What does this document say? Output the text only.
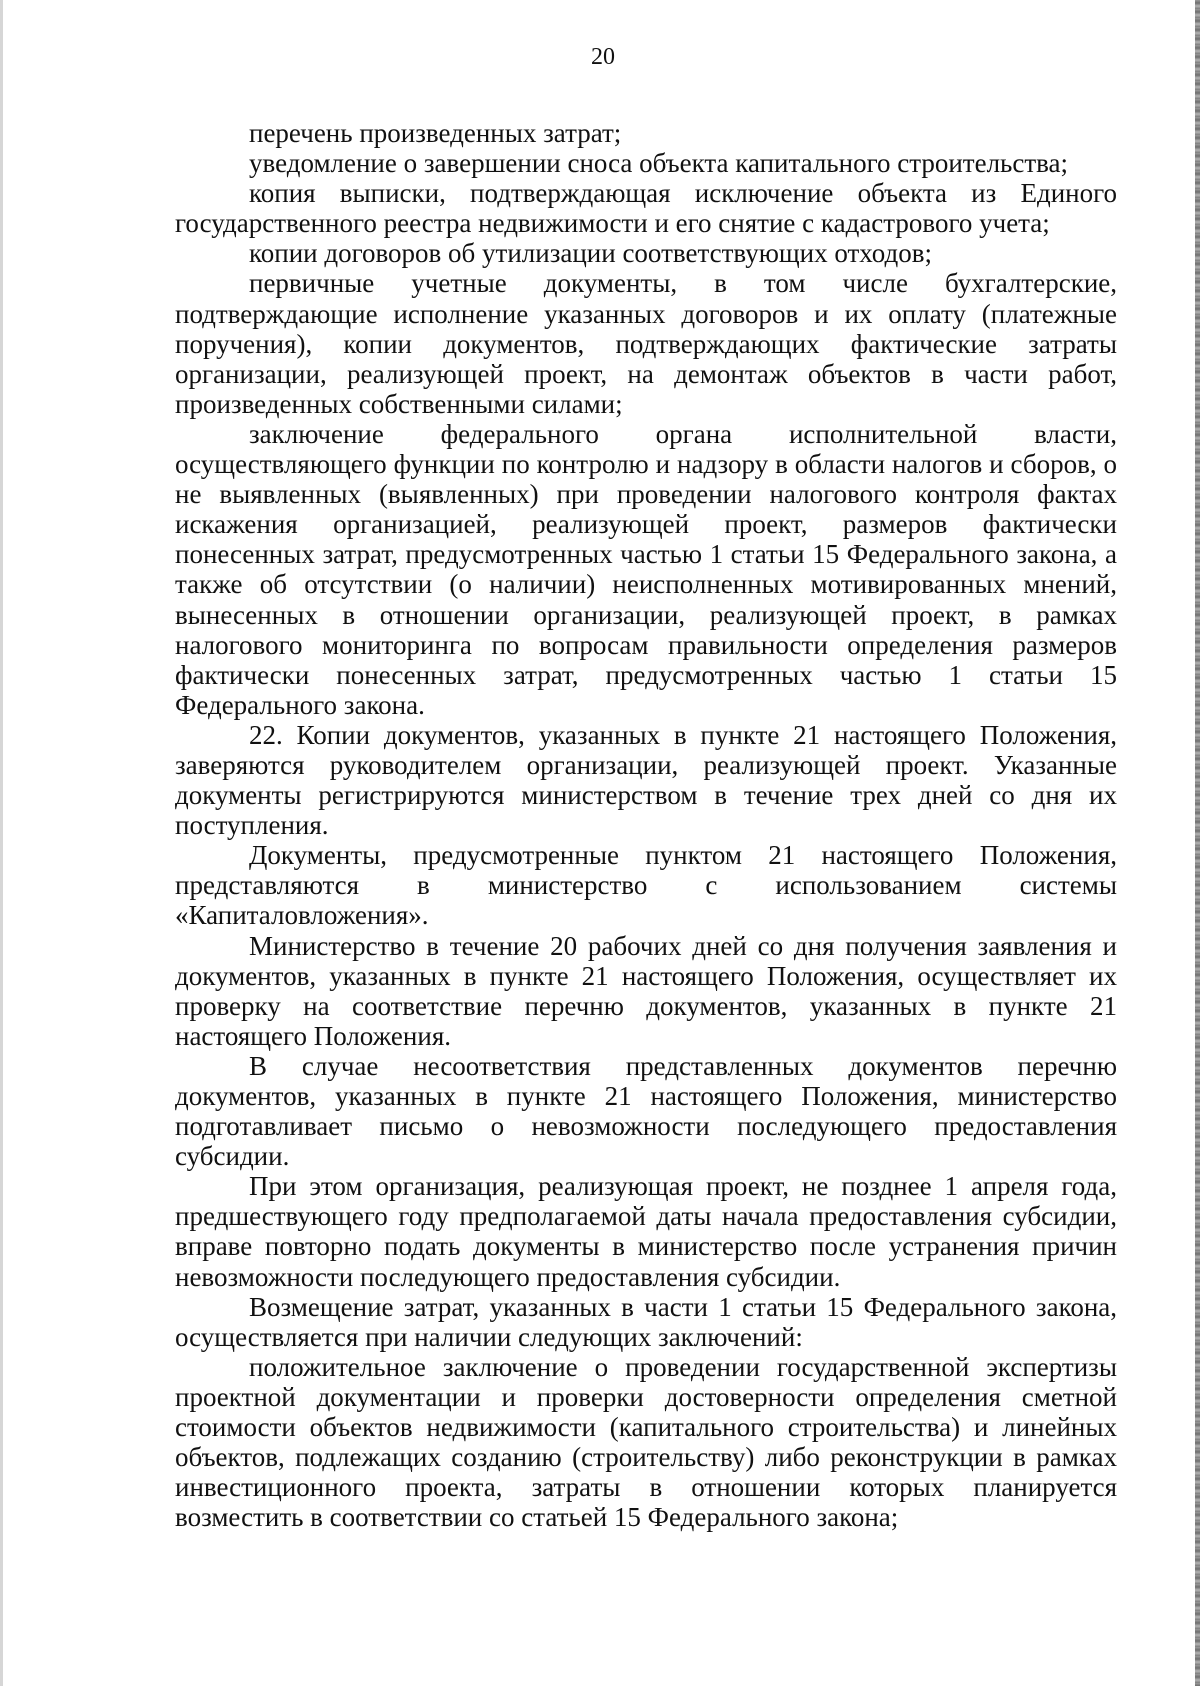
20

перечень произведенных затрат;

уведомление о завершении сноса объекта капитального строительства;

копия выписки, подтверждающая исключение объекта из Единого государственного реестра недвижимости и его снятие с кадастрового учета;

копии договоров об утилизации соответствующих отходов;

первичные учетные документы, в том числе бухгалтерские, подтверждающие исполнение указанных договоров и их оплату (платежные поручения), копии документов, подтверждающих фактические затраты организации, реализующей проект, на демонтаж объектов в части работ, произведенных собственными силами;

заключение федерального органа исполнительной власти, осуществляющего функции по контролю и надзору в области налогов и сборов, о не выявленных (выявленных) при проведении налогового контроля фактах искажения организацией, реализующей проект, размеров фактически понесенных затрат, предусмотренных частью 1 статьи 15 Федерального закона, а также об отсутствии (о наличии) неисполненных мотивированных мнений, вынесенных в отношении организации, реализующей проект, в рамках налогового мониторинга по вопросам правильности определения размеров фактически понесенных затрат, предусмотренных частью 1 статьи 15 Федерального закона.

22. Копии документов, указанных в пункте 21 настоящего Положения, заверяются руководителем организации, реализующей проект. Указанные документы регистрируются министерством в течение трех дней со дня их поступления.

Документы, предусмотренные пунктом 21 настоящего Положения, представляются в министерство с использованием системы «Капиталовложения».

Министерство в течение 20 рабочих дней со дня получения заявления и документов, указанных в пункте 21 настоящего Положения, осуществляет их проверку на соответствие перечню документов, указанных в пункте 21 настоящего Положения.

В случае несоответствия представленных документов перечню документов, указанных в пункте 21 настоящего Положения, министерство подготавливает письмо о невозможности последующего предоставления субсидии.

При этом организация, реализующая проект, не позднее 1 апреля года, предшествующего году предполагаемой даты начала предоставления субсидии, вправе повторно подать документы в министерство после устранения причин невозможности последующего предоставления субсидии.

Возмещение затрат, указанных в части 1 статьи 15 Федерального закона, осуществляется при наличии следующих заключений:

положительное заключение о проведении государственной экспертизы проектной документации и проверки достоверности определения сметной стоимости объектов недвижимости (капитального строительства) и линейных объектов, подлежащих созданию (строительству) либо реконструкции в рамках инвестиционного проекта, затраты в отношении которых планируется возместить в соответствии со статьей 15 Федерального закона;
